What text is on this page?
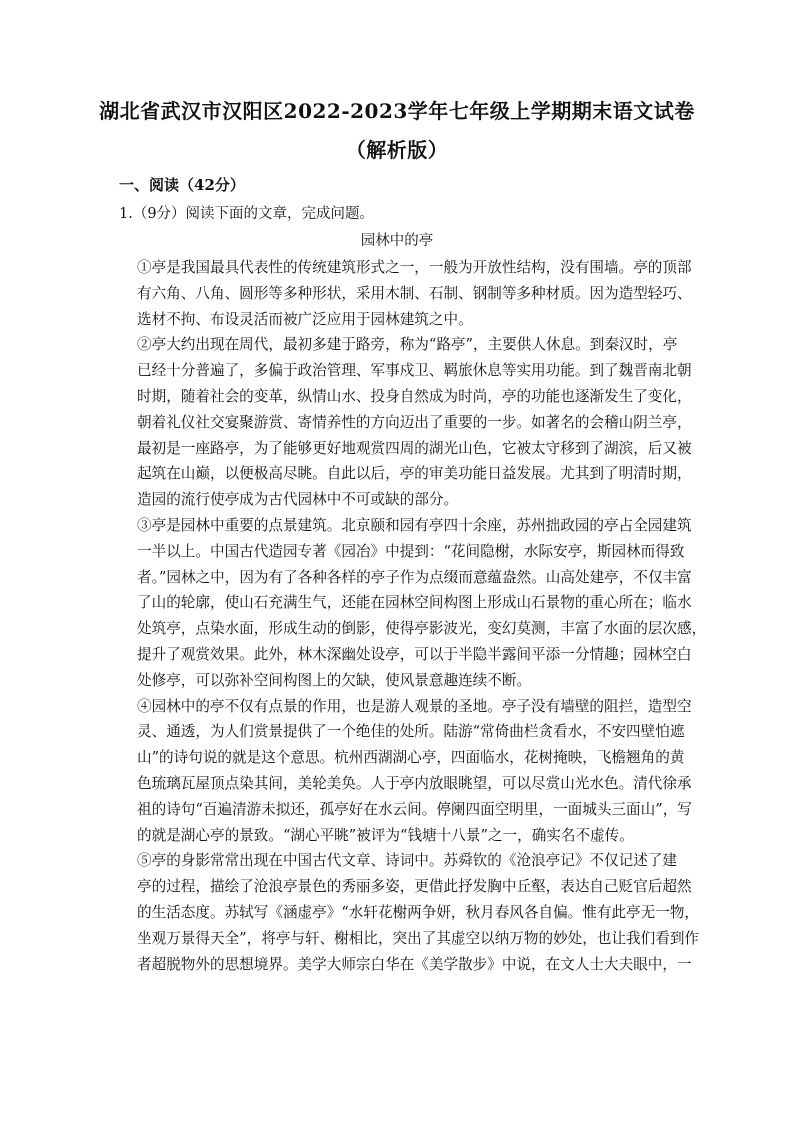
湖北省武汉市汉阳区2022-2023学年七年级上学期期末语文试卷
（解析版）
一、阅读（42分）
1.（9分）阅读下面的文章，完成问题。
园林中的亭
①亭是我国最具代表性的传统建筑形式之一，一般为开放性结构，没有围墙。亭的顶部
有六角、八角、圆形等多种形状，采用木制、石制、钢制等多种材质。因为造型轻巧、
选材不拘、布设灵活而被广泛应用于园林建筑之中。
②亭大约出现在周代，最初多建于路旁，称为“路亭”，主要供人休息。到秦汉时，亭
已经十分普遍了，多偏于政治管理、军事戍卫、羁旅休息等实用功能。到了魏晋南北朝
时期，随着社会的变革，纵情山水、投身自然成为时尚，亭的功能也逐渐发生了变化，
朝着礼仪社交宴聚游赏、寄情养性的方向迈出了重要的一步。如著名的会稽山阴兰亭，
最初是一座路亭，为了能够更好地观赏四周的湖光山色，它被太守移到了湖滨，后又被
起筑在山巅，以便极高尽眺。自此以后，亭的审美功能日益发展。尤其到了明清时期，
造园的流行使亭成为古代园林中不可或缺的部分。
③亭是园林中重要的点景建筑。北京颐和园有亭四十余座，苏州拙政园的亭占全园建筑
一半以上。中国古代造园专著《园冶》中提到：“花间隐榭，水际安亭，斯园林而得致
者。”园林之中，因为有了各种各样的亭子作为点缀而意蕴盎然。山高处建亭，不仅丰富
了山的轮廓，使山石充满生气，还能在园林空间构图上形成山石景物的重心所在；临水
处筑亭，点染水面，形成生动的倒影，使得亭影波光，变幻莫测，丰富了水面的层次感，
提升了观赏效果。此外，林木深幽处设亭，可以于半隐半露间平添一分情趣；园林空白
处修亭，可以弥补空间构图上的欠缺，使风景意趣连续不断。
④园林中的亭不仅有点景的作用，也是游人观景的圣地。亭子没有墙壁的阻拦，造型空
灵、通透，为人们赏景提供了一个绝佳的处所。陆游“常倚曲栏贪看水，不安四壁怕遮
山”的诗句说的就是这个意思。杭州西湖湖心亭，四面临水，花树掩映，飞檐翘角的黄
色琉璃瓦屋顶点染其间，美轮美奂。人于亭内放眼眺望，可以尽赏山光水色。清代徐承
祖的诗句“百遍清游未拟还，孤亭好在水云间。停阑四面空明里，一面城头三面山”，写
的就是湖心亭的景致。“湖心平眺”被评为“钱塘十八景”之一，确实名不虚传。
⑤亭的身影常常出现在中国古代文章、诗词中。苏舜钦的《沧浪亭记》不仅记述了建
亭的过程，描绘了沧浪亭景色的秀丽多姿，更借此抒发胸中丘壑，表达自己贬官后超然
的生活态度。苏轼写《涵虚亭》“水轩花榭两争妍，秋月春风各自偏。惟有此亭无一物，
坐观万景得天全”，将亭与轩、榭相比，突出了其虚空以纳万物的妙处，也让我们看到作
者超脱物外的思想境界。美学大师宗白华在《美学散步》中说，在文人士大夫眼中，一
